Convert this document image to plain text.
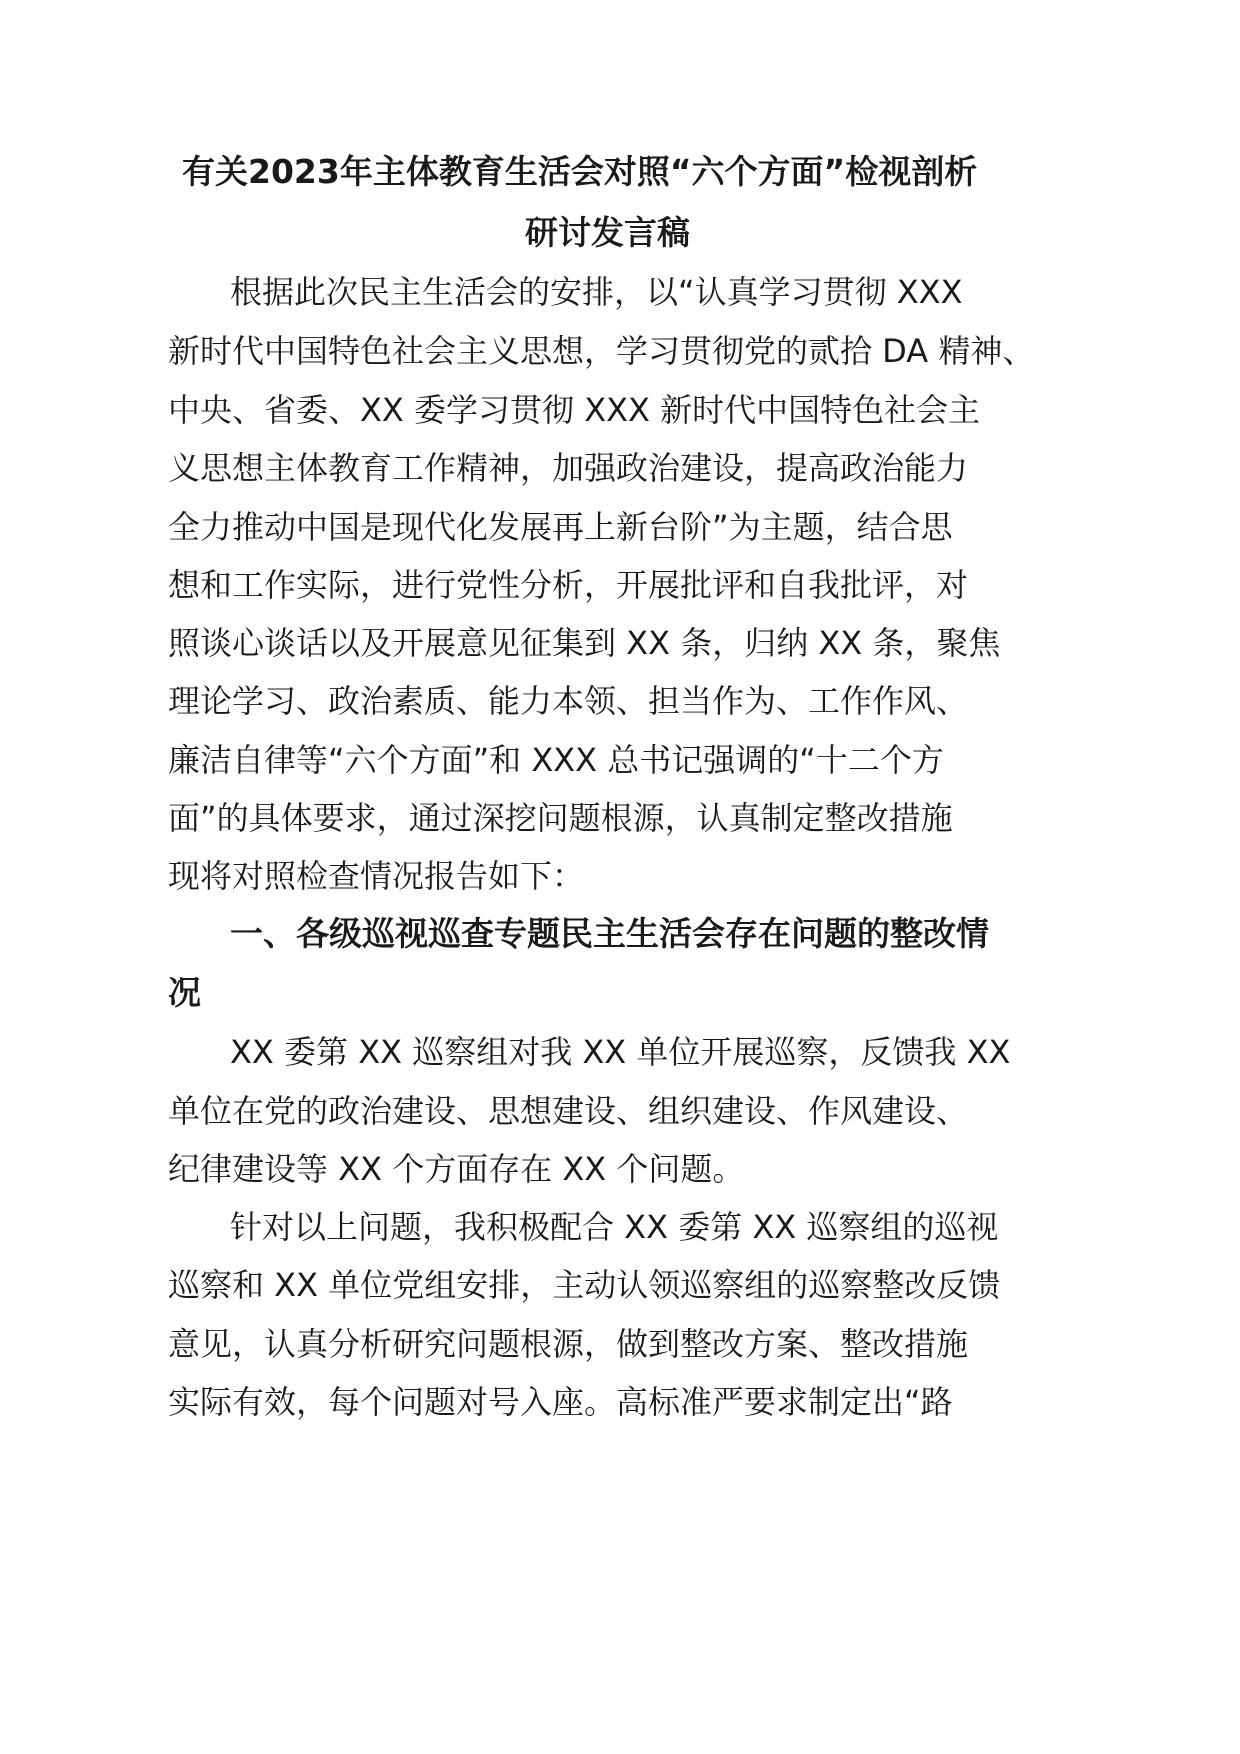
有关2023年主体教育生活会对照“六个方面”检视剖析
研讨发言稿
根据此次民主生活会的安排，以“认真学习贯彻 XXX
新时代中国特色社会主义思想，学习贯彻党的贰拾 DA 精神、
中央、省委、XX 委学习贯彻 XXX 新时代中国特色社会主
义思想主体教育工作精神，加强政治建设，提高政治能力
全力推动中国是现代化发展再上新台阶”为主题，结合思
想和工作实际，进行党性分析，开展批评和自我批评，对
照谈心谈话以及开展意见征集到 XX 条，归纳 XX 条，聚焦
理论学习、政治素质、能力本领、担当作为、工作作风、
廉洁自律等“六个方面”和 XXX 总书记强调的“十二个方
面”的具体要求，通过深挖问题根源，认真制定整改措施
现将对照检查情况报告如下：
一、各级巡视巡查专题民主生活会存在问题的整改情
况
XX 委第 XX 巡察组对我 XX 单位开展巡察，反馈我 XX
单位在党的政治建设、思想建设、组织建设、作风建设、
纪律建设等 XX 个方面存在 XX 个问题。
针对以上问题，我积极配合 XX 委第 XX 巡察组的巡视
巡察和 XX 单位党组安排，主动认领巡察组的巡察整改反馈
意见，认真分析研究问题根源，做到整改方案、整改措施
实际有效，每个问题对号入座。高标准严要求制定出“路
